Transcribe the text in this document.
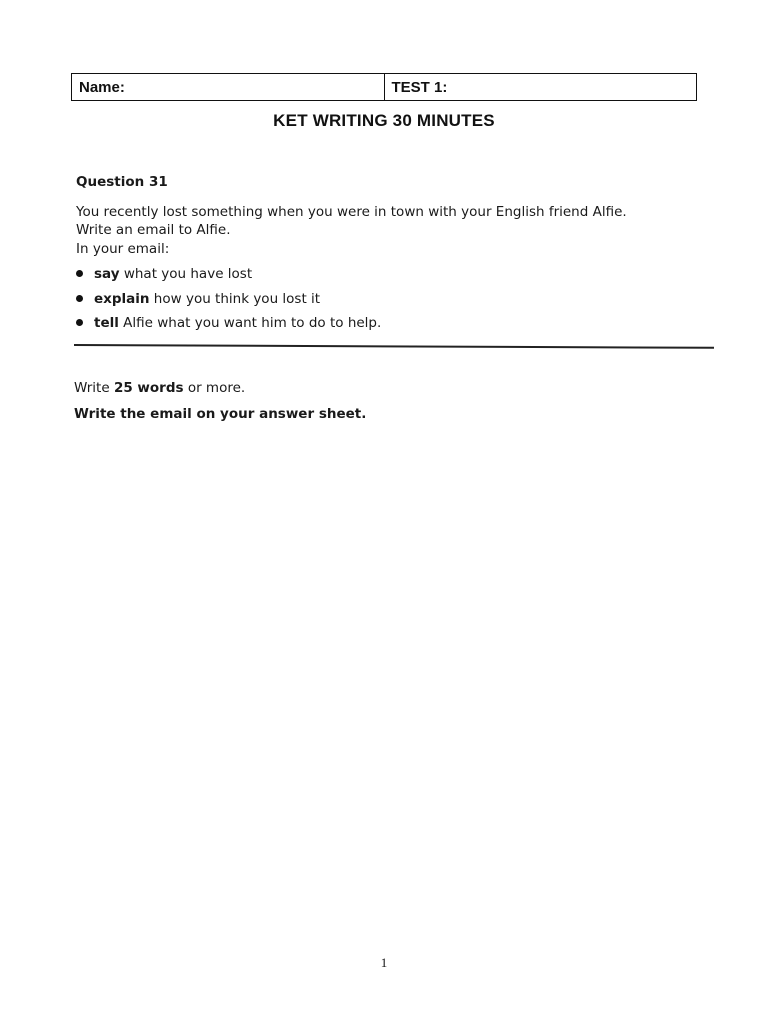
Name:	TEST 1:
KET WRITING 30 MINUTES
Question 31
You recently lost something when you were in town with your English friend Alfie.
Write an email to Alfie.
In your email:
say what you have lost
explain how you think you lost it
tell Alfie what you want him to do to help.
Write 25 words or more.
Write the email on your answer sheet.
1
